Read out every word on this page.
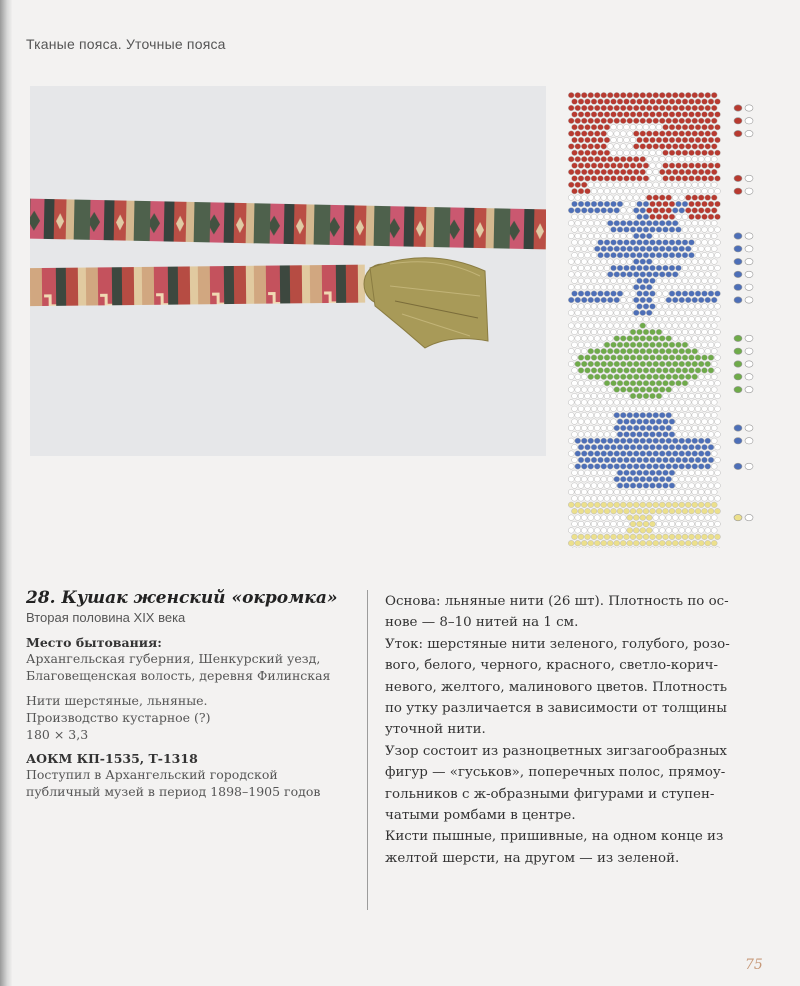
Тканые пояса. Уточные пояса
28. Кушак женский «окромка»
Вторая половина XIX века
Место бытования:
Архангельская губерния, Шенкурский уезд,
Благовещенская волость, деревня Филинская
Нити шерстяные, льняные.
Производство кустарное (?)
180 × 3,3
АОКМ КП-1535, Т-1318
Поступил в Архангельский городской
публичный музей в период 1898–1905 годов

Основа: льняные нити (26 шт). Плотность по ос-

нове — 8–10 нитей на 1 см.

Уток: шерстяные нити зеленого, голубого, розо-

вого, белого, черного, красного, светло-корич-

невого, желтого, малинового цветов. Плотность

по утку различается в зависимости от толщины

уточной нити.

Узор состоит из разноцветных зигзагообразных

фигур — «гуськов», поперечных полос, прямоу-

гольников с ж-образными фигурами и ступен-

чатыми ромбами в центре.

Кисти пышные, пришивные, на одном конце из

желтой шерсти, на другом — из зеленой.

75
